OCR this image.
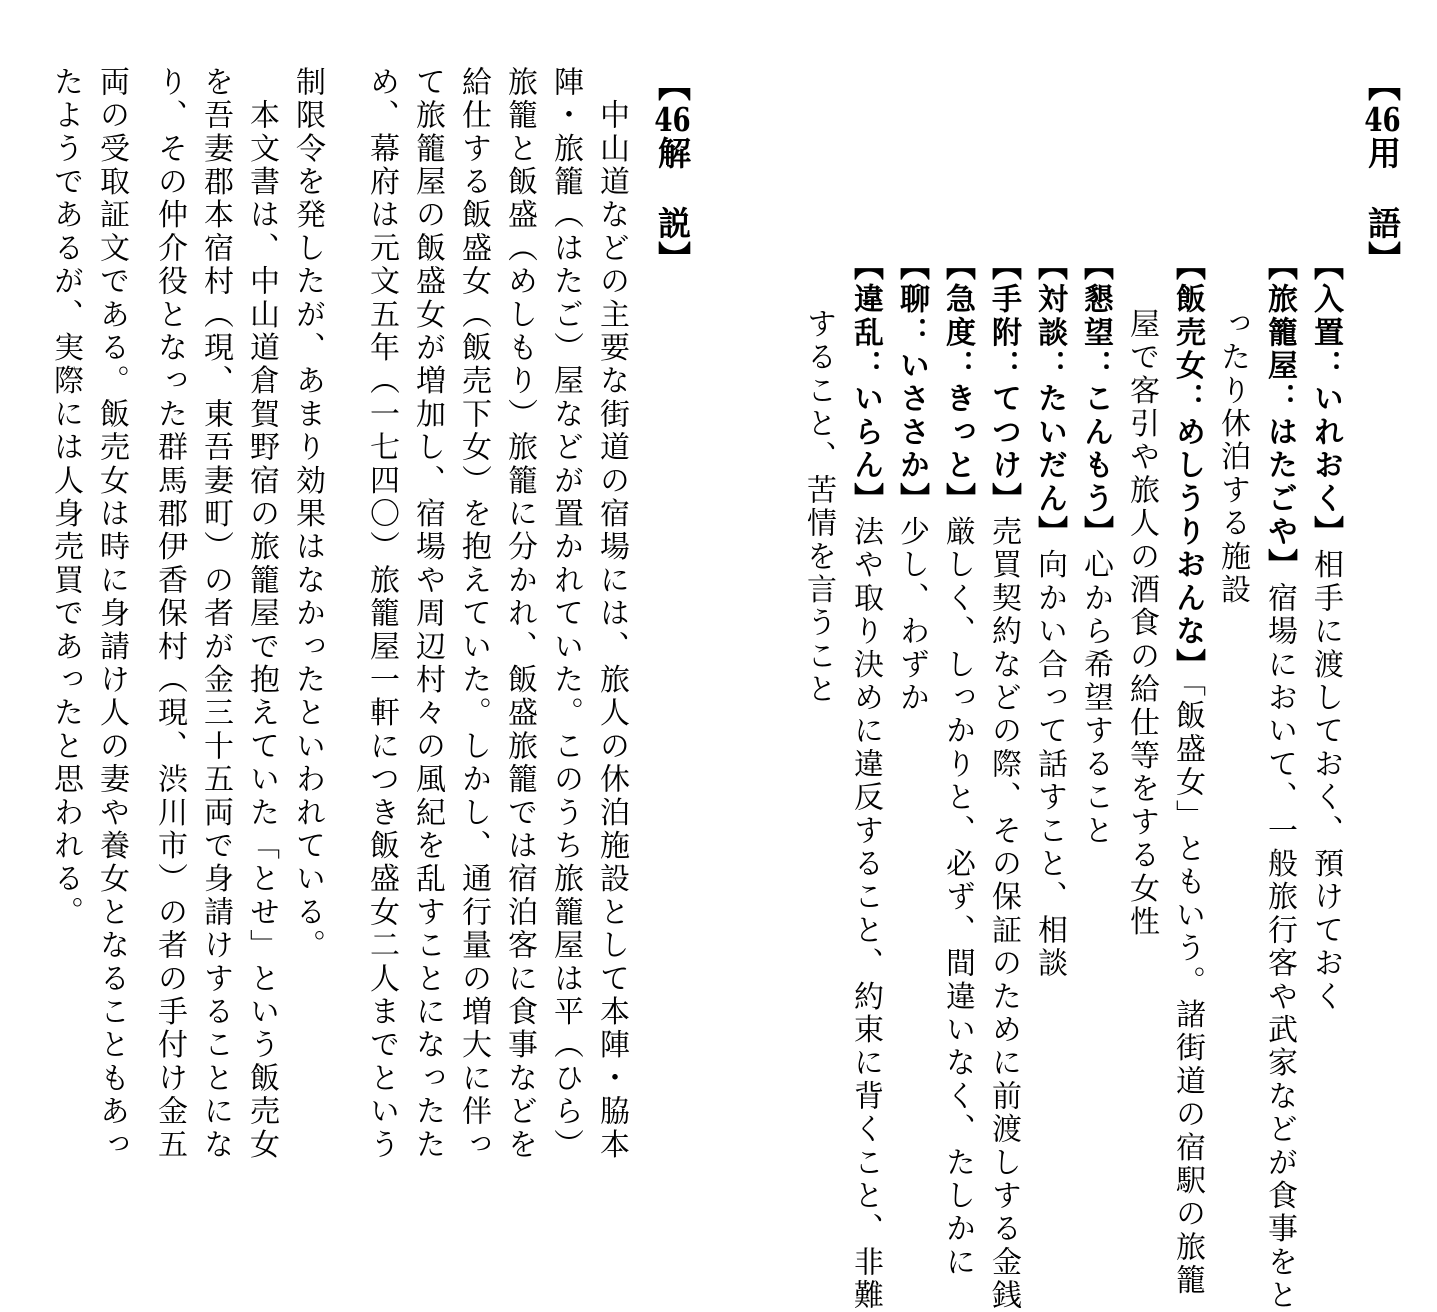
【46用　語】
【入置：いれおく】相手に渡しておく、預けておく
【旅籠屋：はたごや】宿場において、一般旅行客や武家などが食事をと
ったり休泊する施設
【飯売女：めしうりおんな】「飯盛女」ともいう。諸街道の宿駅の旅籠
屋で客引や旅人の酒食の給仕等をする女性
【懇望：こんもう】心から希望すること
【対談：たいだん】向かい合って話すこと、相談
【手附：てつけ】売買契約などの際、その保証のために前渡しする金銭
【急度：きっと】厳しく、しっかりと、必ず、間違いなく、たしかに
【聊：いささか】少し、わずか
【違乱：いらん】法や取り決めに違反すること、約束に背くこと、非難
すること、苦情を言うこと
【46解　説】
　中山道などの主要な街道の宿場には、旅人の休泊施設として本陣・脇本
陣・旅籠（はたご）屋などが置かれていた。このうち旅籠屋は平（ひら）
旅籠と飯盛（めしもり）旅籠に分かれ、飯盛旅籠では宿泊客に食事などを
給仕する飯盛女（飯売下女）を抱えていた。しかし、通行量の増大に伴っ
て旅籠屋の飯盛女が増加し、宿場や周辺村々の風紀を乱すことになったた
め、幕府は元文五年（一七四〇）旅籠屋一軒につき飯盛女二人までという
制限令を発したが、あまり効果はなかったといわれている。
　本文書は、中山道倉賀野宿の旅籠屋で抱えていた「とせ」という飯売女
を吾妻郡本宿村（現、東吾妻町）の者が金三十五両で身請けすることにな
り、その仲介役となった群馬郡伊香保村（現、渋川市）の者の手付け金五
両の受取証文である。飯売女は時に身請け人の妻や養女となることもあっ
たようであるが、実際には人身売買であったと思われる。
